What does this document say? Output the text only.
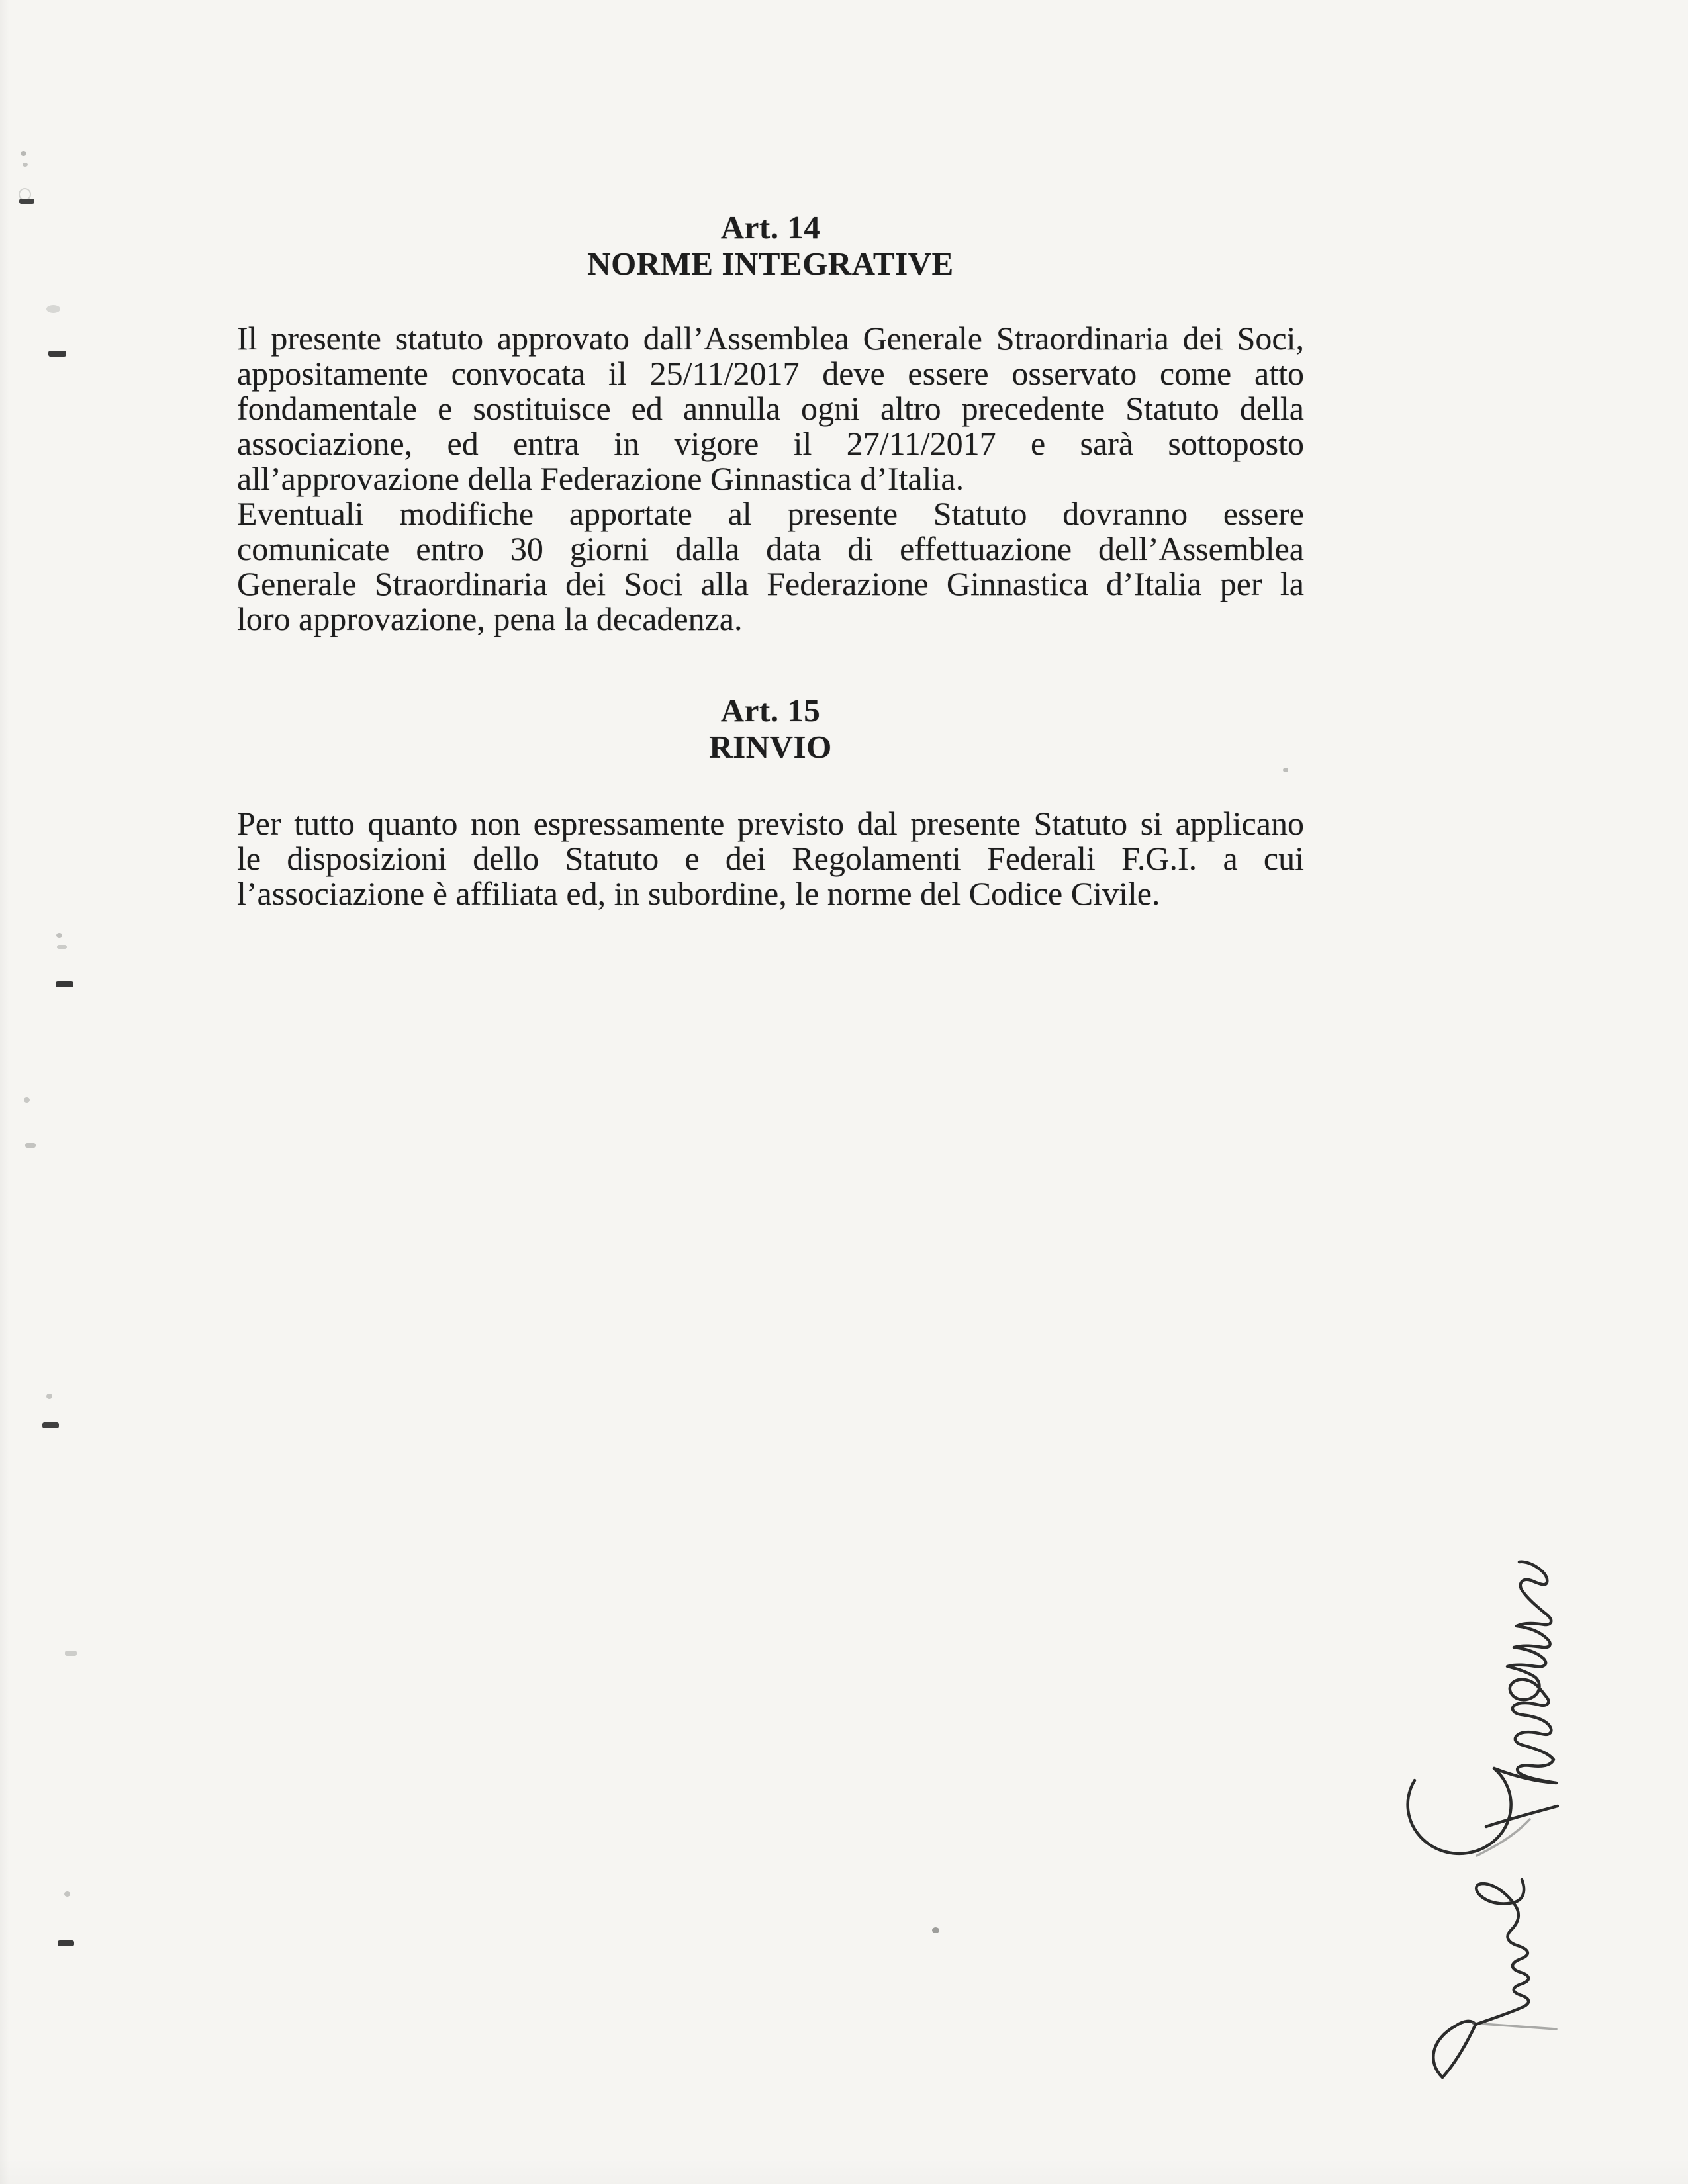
Art. 14
NORME INTEGRATIVE
Il presente statuto approvato dall’Assemblea Generale Straordinaria dei Soci,
appositamente convocata il 25/11/2017 deve essere osservato come atto
fondamentale e sostituisce ed annulla ogni altro precedente Statuto della
associazione, ed entra in vigore il 27/11/2017 e sarà sottoposto
all’approvazione della Federazione Ginnastica d’Italia.
Eventuali modifiche apportate al presente Statuto dovranno essere
comunicate entro 30 giorni dalla data di effettuazione dell’Assemblea
Generale Straordinaria dei Soci alla Federazione Ginnastica d’Italia per la
loro approvazione, pena la decadenza.
Art. 15
RINVIO
Per tutto quanto non espressamente previsto dal presente Statuto si applicano
le disposizioni dello Statuto e dei Regolamenti Federali F.G.I. a cui
l’associazione è affiliata ed, in subordine, le norme del Codice Civile.
